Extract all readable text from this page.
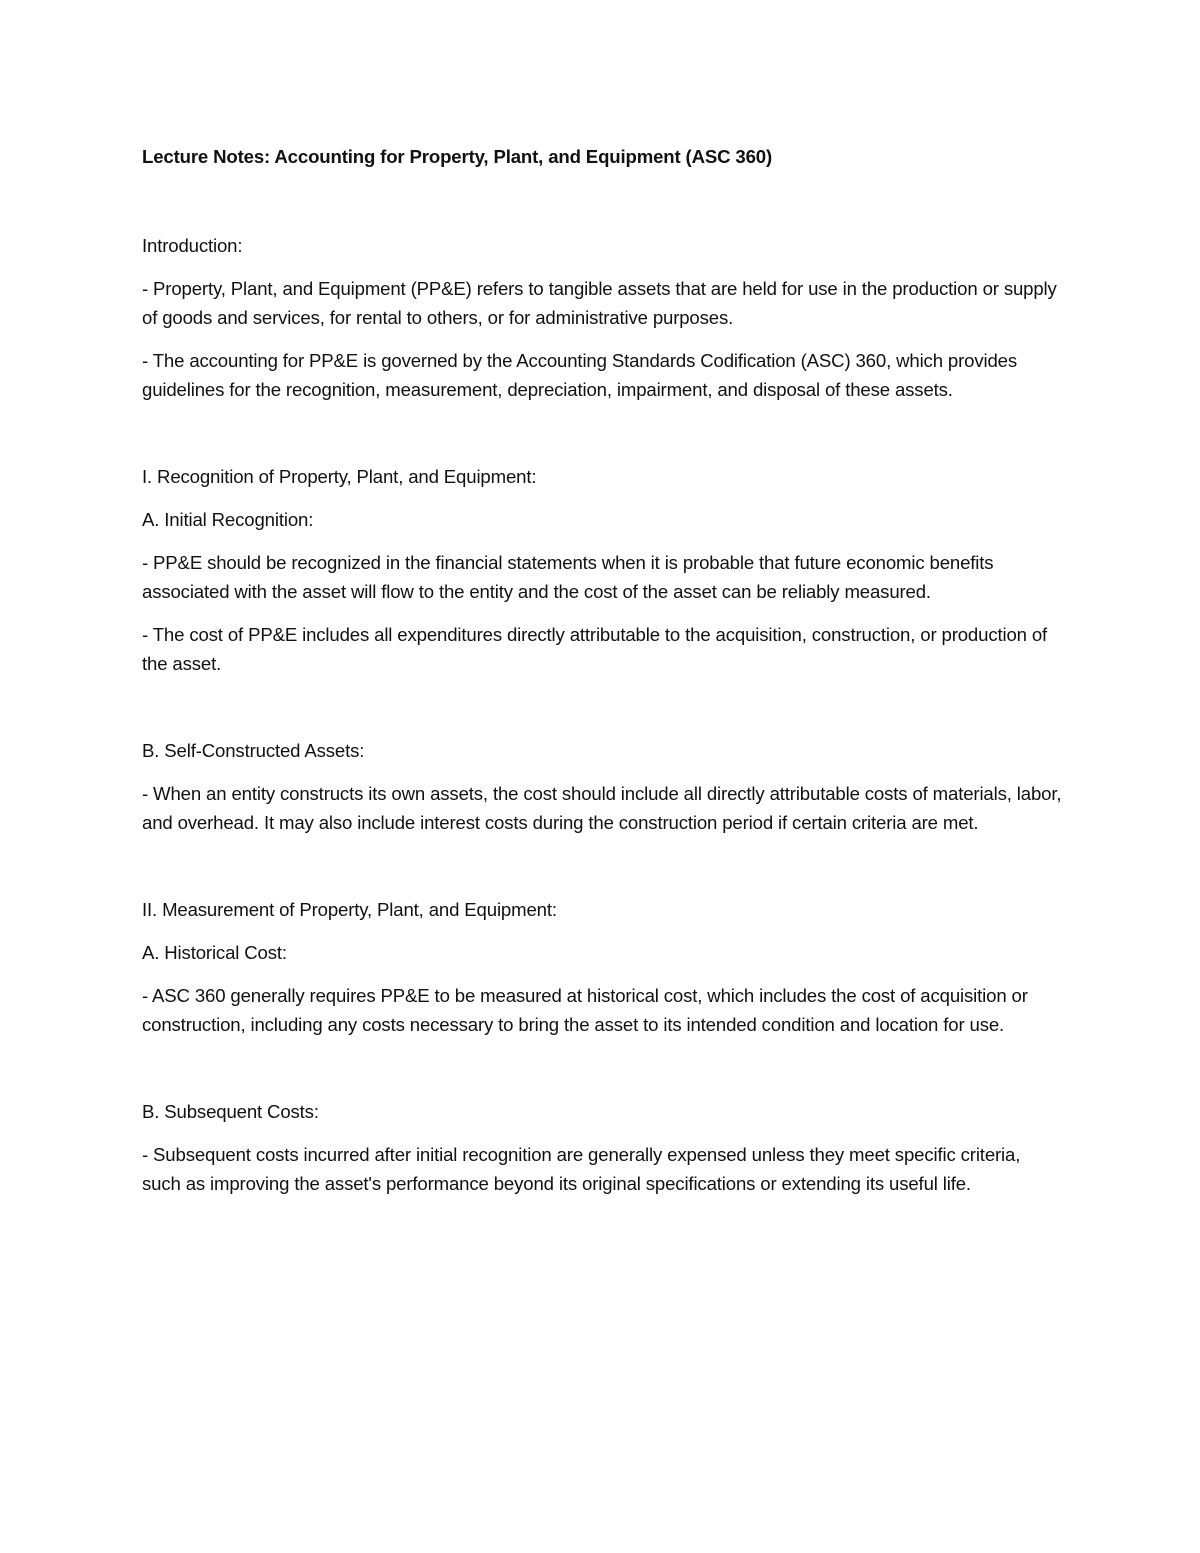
Lecture Notes: Accounting for Property, Plant, and Equipment (ASC 360)

Introduction:

- Property, Plant, and Equipment (PP&E) refers to tangible assets that are held for use in the production or supply of goods and services, for rental to others, or for administrative purposes.

- The accounting for PP&E is governed by the Accounting Standards Codification (ASC) 360, which provides guidelines for the recognition, measurement, depreciation, impairment, and disposal of these assets.

I. Recognition of Property, Plant, and Equipment:

A. Initial Recognition:

- PP&E should be recognized in the financial statements when it is probable that future economic benefits associated with the asset will flow to the entity and the cost of the asset can be reliably measured.

- The cost of PP&E includes all expenditures directly attributable to the acquisition, construction, or production of the asset.

B. Self-Constructed Assets:

- When an entity constructs its own assets, the cost should include all directly attributable costs of materials, labor, and overhead. It may also include interest costs during the construction period if certain criteria are met.

II. Measurement of Property, Plant, and Equipment:

A. Historical Cost:

- ASC 360 generally requires PP&E to be measured at historical cost, which includes the cost of acquisition or construction, including any costs necessary to bring the asset to its intended condition and location for use.

B. Subsequent Costs:

- Subsequent costs incurred after initial recognition are generally expensed unless they meet specific criteria, such as improving the asset's performance beyond its original specifications or extending its useful life.
